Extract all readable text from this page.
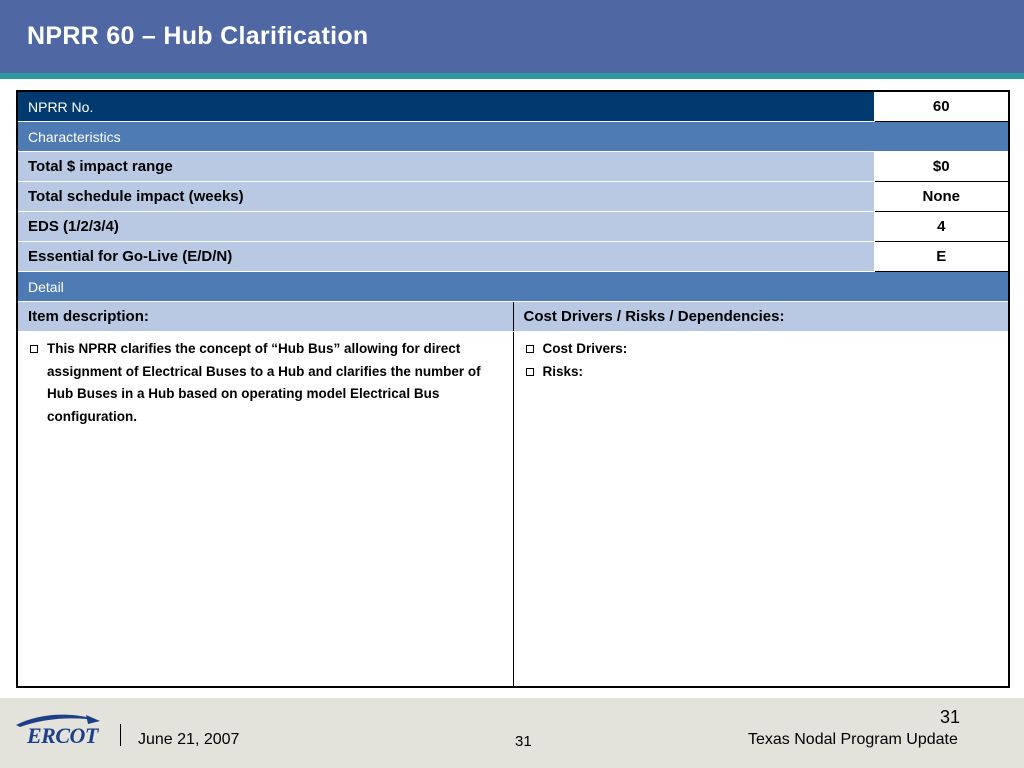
NPRR 60 – Hub Clarification
NPRR No.		60
Characteristics		
Total $ impact range		$0
Total schedule impact (weeks)		None
EDS (1/2/3/4)		4
Essential for Go-Live (E/D/N)		E
Detail		
Item description:	Cost Drivers / Risks / Dependencies:	

This NPRR clarifies the concept of “Hub Bus” allowing for direct assignment of Electrical Buses to a Hub and clarifies the number of Hub Buses in a Hub based on operating model Electrical Bus configuration.	Cost Drivers:
Risks:	
ERCOT	June 21, 2007	31	Texas Nodal Program Update
31
